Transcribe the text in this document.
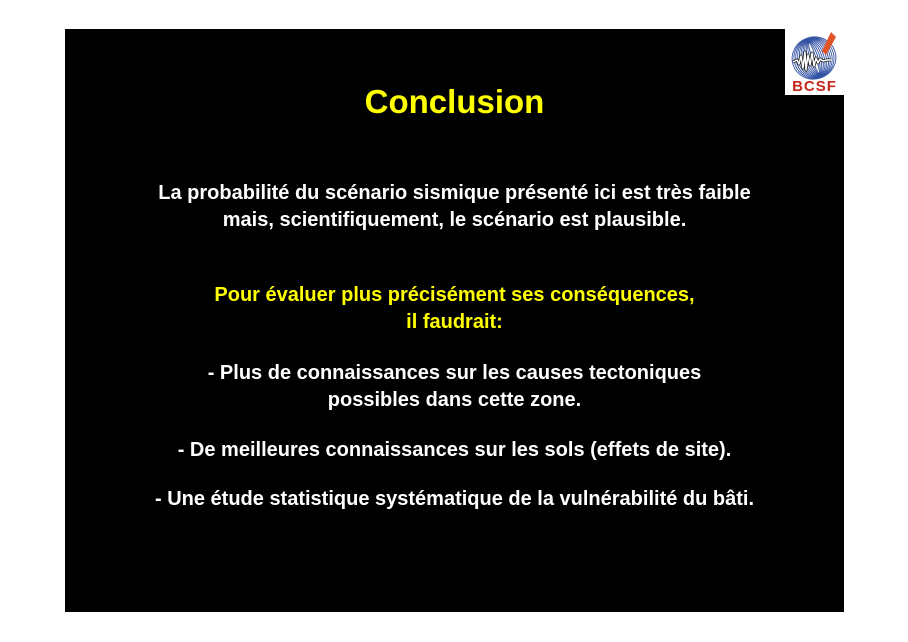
Conclusion
La probabilité du scénario sismique présenté ici est très faible
mais, scientifiquement, le scénario est plausible.
Pour évaluer plus précisément ses conséquences,
il faudrait:
- Plus de connaissances sur les causes tectoniques
possibles dans cette zone.
- De meilleures connaissances sur les sols (effets de site).
- Une étude statistique systématique de la vulnérabilité du bâti.
BCSF
